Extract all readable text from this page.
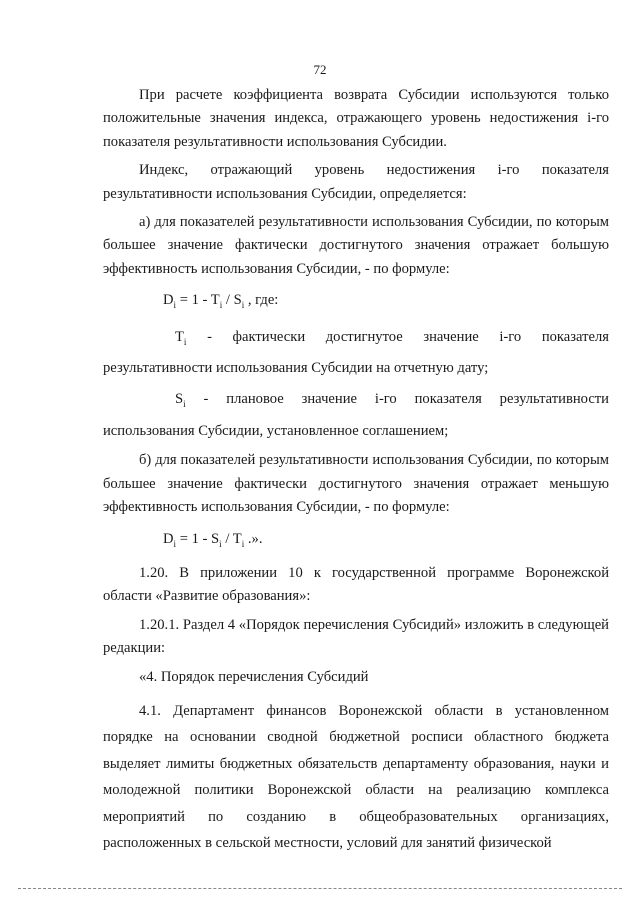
72

При расчете коэффициента возврата Субсидии используются только положительные значения индекса, отражающего уровень недостижения i-го показателя результативности использования Субсидии.

Индекс, отражающий уровень недостижения i-го показателя результативности использования Субсидии, определяется:

а) для показателей результативности использования Субсидии, по которым большее значение фактически достигнутого значения отражает большую эффективность использования Субсидии, - по формуле:

$D_i = 1 - T_i / S_i$ , где:

$T_i$ - фактически достигнутое значение i-го показателя результативности использования Субсидии на отчетную дату;

$S_i$ - плановое значение i-го показателя результативности использования Субсидии, установленное соглашением;

б) для показателей результативности использования Субсидии, по которым большее значение фактически достигнутого значения отражает меньшую эффективность использования Субсидии, - по формуле:

$D_i = 1 - S_i / T_i$ .».

1.20. В приложении 10 к государственной программе Воронежской области «Развитие образования»:

1.20.1. Раздел 4 «Порядок перечисления Субсидий» изложить в следующей редакции:

«4. Порядок перечисления Субсидий

4.1. Департамент финансов Воронежской области в установленном порядке на основании сводной бюджетной росписи областного бюджета выделяет лимиты бюджетных обязательств департаменту образования, науки и молодежной политики Воронежской области на реализацию комплекса мероприятий по созданию в общеобразовательных организациях, расположенных в сельской местности, условий для занятий физической
